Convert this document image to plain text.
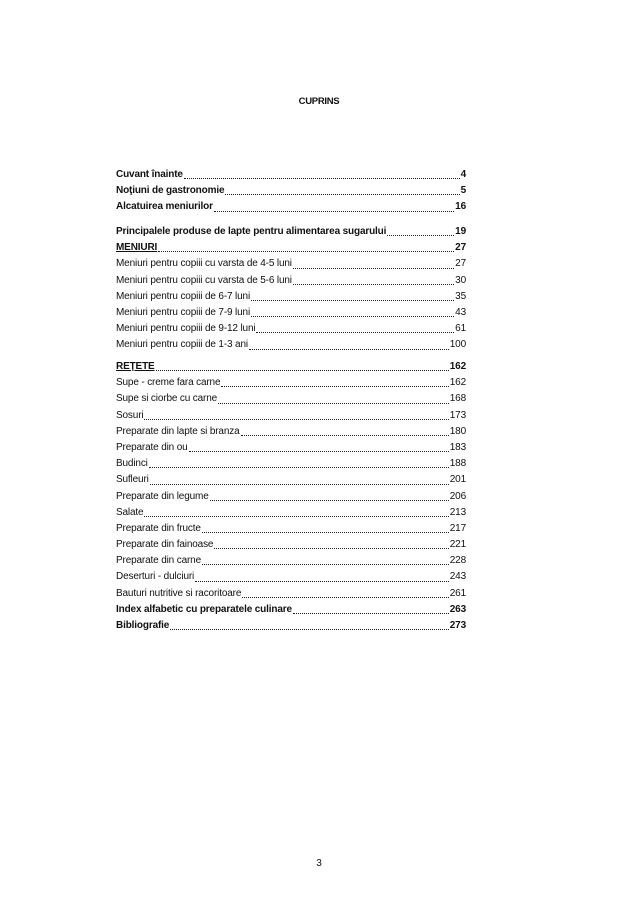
CUPRINS
Cuvant înainte	4
Noţiuni de gastronomie	5
Alcatuirea meniurilor	16
Principalele produse de lapte pentru alimentarea sugarului	19
MENIURI	27
Meniuri pentru copiii cu varsta de 4-5 luni	27
Meniuri pentru copiii cu varsta de 5-6 luni	30
Meniuri pentru copiii de 6-7 luni	35
Meniuri pentru copiii de 7-9 luni	43
Meniuri pentru copiii de 9-12 luni	61
Meniuri pentru copiii de 1-3 ani	100
REŢETE	162
Supe - creme fara carne	162
Supe si ciorbe cu carne	168
Sosuri	173
Preparate din lapte si branza	180
Preparate din ou	183
Budinci	188
Sufleuri	201
Preparate din legume	206
Salate	213
Preparate din fructe	217
Preparate din fainoase	221
Preparate din carne	228
Deserturi - dulciuri	243
Bauturi nutritive si racoritoare	261
Index alfabetic cu preparatele culinare	263
Bibliografie	273
3
